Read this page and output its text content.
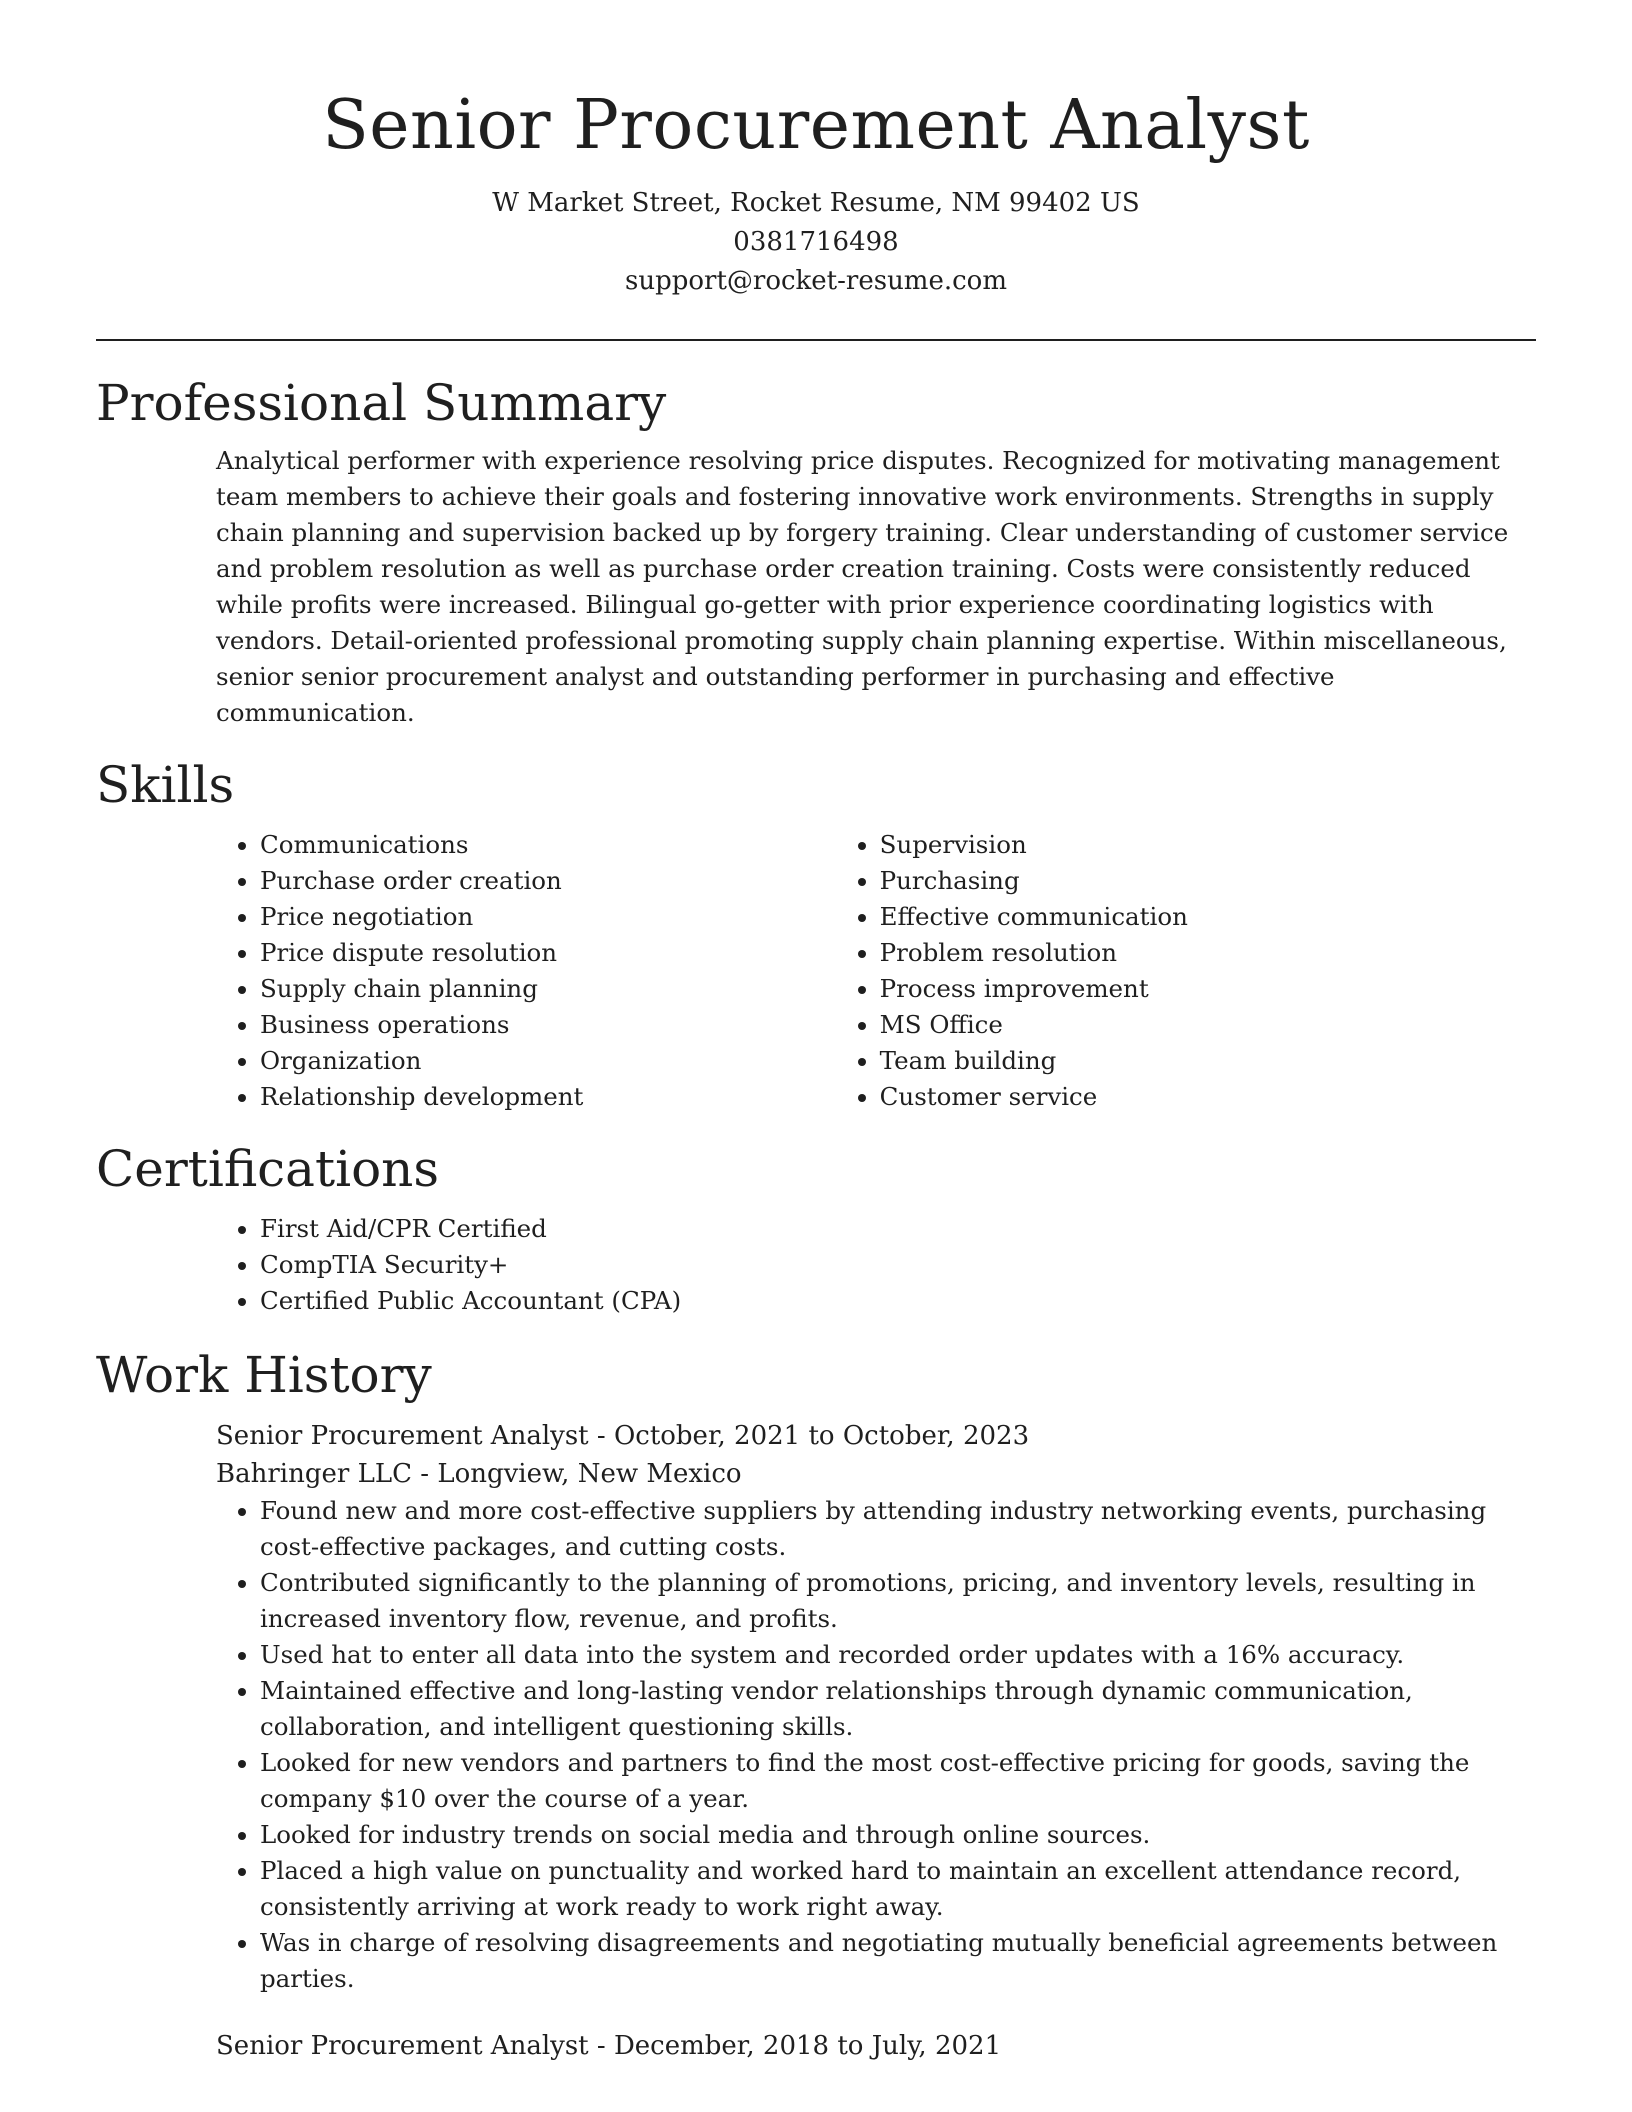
Senior Procurement Analyst

W Market Street, Rocket Resume, NM 99402 US

0381716498

support@rocket-resume.com

Professional Summary

Analytical performer with experience resolving price disputes. Recognized for motivating management team members to achieve their goals and fostering innovative work environments. Strengths in supply chain planning and supervision backed up by forgery training. Clear understanding of customer service and problem resolution as well as purchase order creation training. Costs were consistently reduced while profits were increased. Bilingual go-getter with prior experience coordinating logistics with vendors. Detail-oriented professional promoting supply chain planning expertise. Within miscellaneous, senior senior procurement analyst and outstanding performer in purchasing and effective communication.

Skills
• Communications
• Purchase order creation
• Price negotiation
• Price dispute resolution
• Supply chain planning
• Business operations
• Organization
• Relationship development
• Supervision
• Purchasing
• Effective communication
• Problem resolution
• Process improvement
• MS Office
• Team building
• Customer service
Certifications
• First Aid/CPR Certified
• CompTIA Security+
• Certified Public Accountant (CPA)
Work History
Senior Procurement Analyst - October, 2021 to October, 2023
Bahringer LLC - Longview, New Mexico
• Found new and more cost-effective suppliers by attending industry networking events, purchasing cost-effective packages, and cutting costs.
• Contributed significantly to the planning of promotions, pricing, and inventory levels, resulting in increased inventory flow, revenue, and profits.
• Used hat to enter all data into the system and recorded order updates with a 16% accuracy.
• Maintained effective and long-lasting vendor relationships through dynamic communication, collaboration, and intelligent questioning skills.
• Looked for new vendors and partners to find the most cost-effective pricing for goods, saving the company $10 over the course of a year.
• Looked for industry trends on social media and through online sources.
• Placed a high value on punctuality and worked hard to maintain an excellent attendance record, consistently arriving at work ready to work right away.
• Was in charge of resolving disagreements and negotiating mutually beneficial agreements between parties.
Senior Procurement Analyst - December, 2018 to July, 2021
